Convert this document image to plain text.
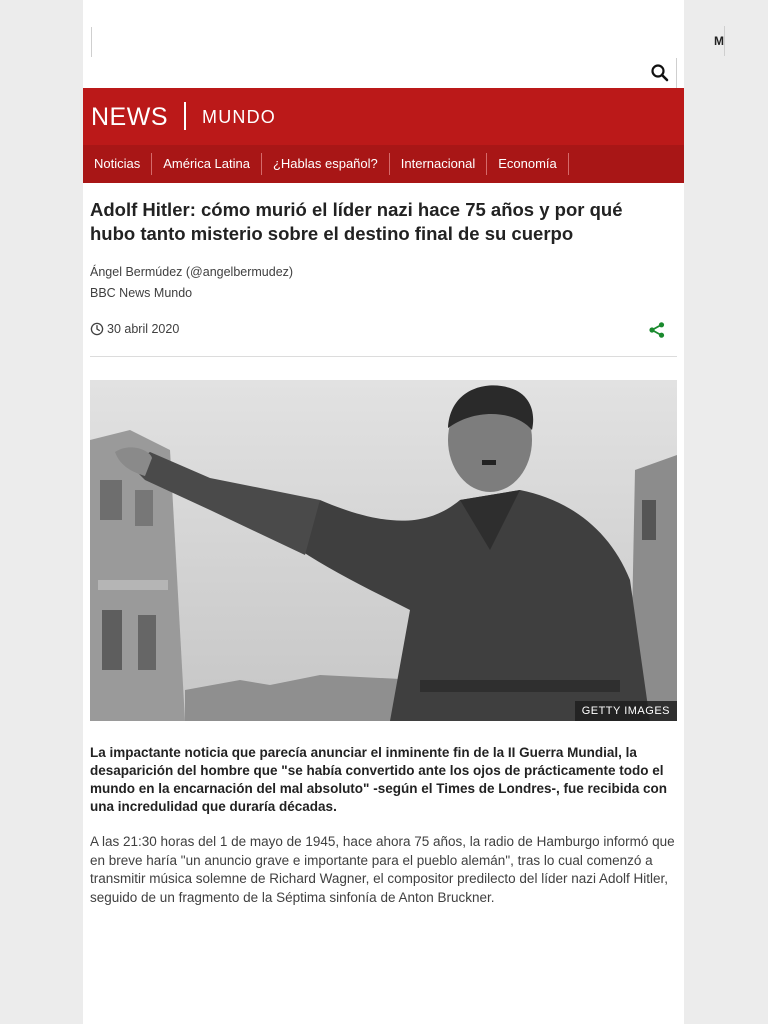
M
NEWS MUNDO
Noticias	América Latina	¿Hablas español?	Internacional	Economía
Adolf Hitler: cómo murió el líder nazi hace 75 años y por qué hubo tanto misterio sobre el destino final de su cuerpo
Ángel Bermúdez (@angelbermudez)
BBC News Mundo
30 abril 2020
GETTY IMAGES

La impactante noticia que parecía anunciar el inminente fin de la II Guerra Mundial, la desaparición del hombre que "se había convertido ante los ojos de prácticamente todo el mundo en la encarnación del mal absoluto" -según el Times de Londres-, fue recibida con una incredulidad que duraría décadas.

A las 21:30 horas del 1 de mayo de 1945, hace ahora 75 años, la radio de Hamburgo informó que en breve haría "un anuncio grave e importante para el pueblo alemán", tras lo cual comenzó a transmitir música solemne de Richard Wagner, el compositor predilecto del líder nazi Adolf Hitler, seguido de un fragmento de la Séptima sinfonía de Anton Bruckner.
